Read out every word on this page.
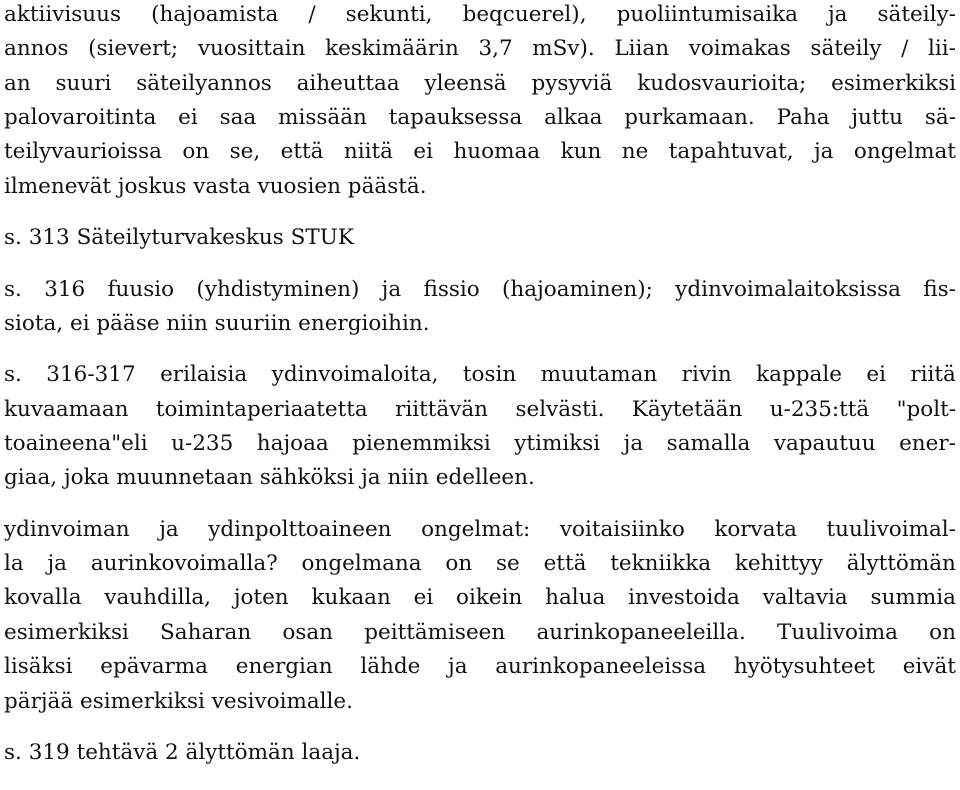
aktiivisuus (hajoamista / sekunti, beqcuerel), puoliintumisaika ja säteily-
annos (sievert; vuosittain keskimäärin 3,7 mSv). Liian voimakas säteily / lii-
an suuri säteilyannos aiheuttaa yleensä pysyviä kudosvaurioita; esimerkiksi
palovaroitinta ei saa missään tapauksessa alkaa purkamaan. Paha juttu sä-
teilyvaurioissa on se, että niitä ei huomaa kun ne tapahtuvat, ja ongelmat
ilmenevät joskus vasta vuosien päästä.
s. 313 Säteilyturvakeskus STUK
s. 316 fuusio (yhdistyminen) ja fissio (hajoaminen); ydinvoimalaitoksissa fis-
siota, ei pääse niin suuriin energioihin.
s. 316-317 erilaisia ydinvoimaloita, tosin muutaman rivin kappale ei riitä
kuvaamaan toimintaperiaatetta riittävän selvästi. Käytetään u-235:ttä "polt-
toaineena"eli u-235 hajoaa pienemmiksi ytimiksi ja samalla vapautuu ener-
giaa, joka muunnetaan sähköksi ja niin edelleen.
ydinvoiman ja ydinpolttoaineen ongelmat: voitaisiinko korvata tuulivoimal-
la ja aurinkovoimalla? ongelmana on se että tekniikka kehittyy älyttömän
kovalla vauhdilla, joten kukaan ei oikein halua investoida valtavia summia
esimerkiksi Saharan osan peittämiseen aurinkopaneeleilla. Tuulivoima on
lisäksi epävarma energian lähde ja aurinkopaneeleissa hyötysuhteet eivät
pärjää esimerkiksi vesivoimalle.
s. 319 tehtävä 2 älyttömän laaja.
